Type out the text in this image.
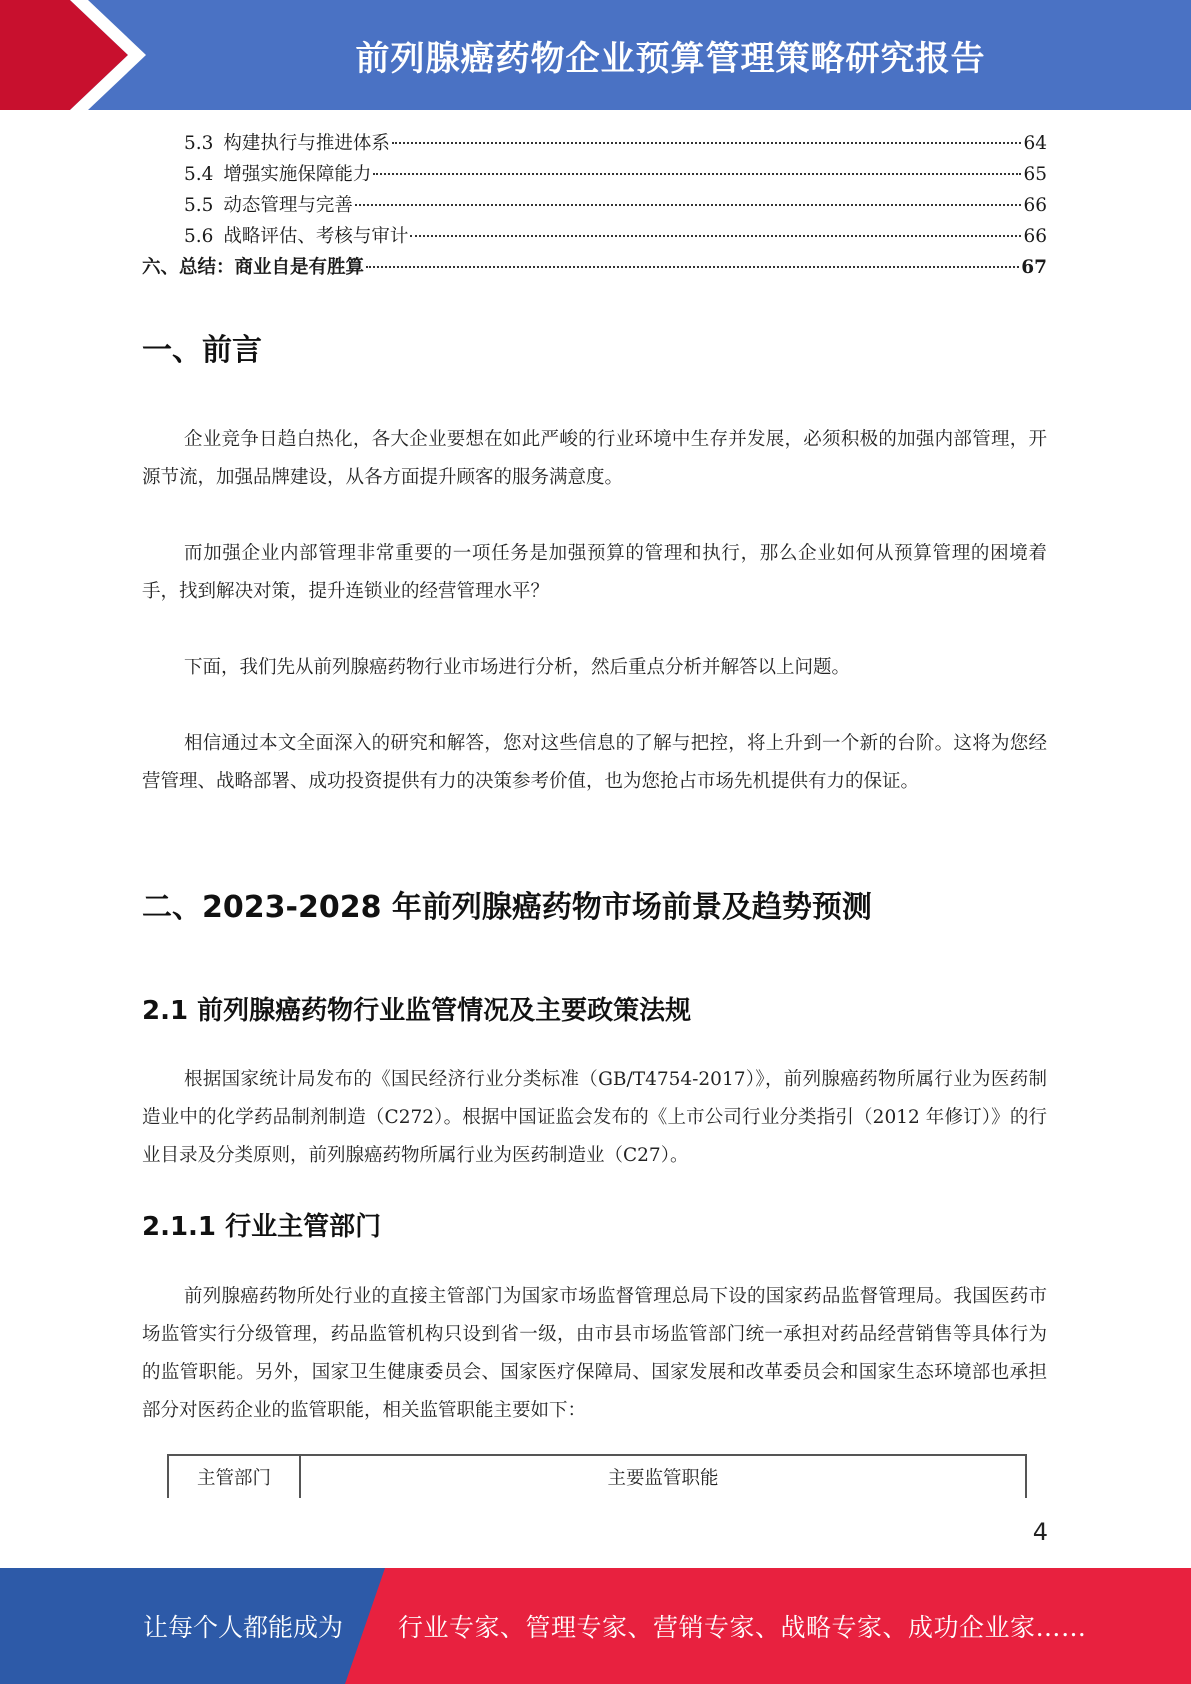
前列腺癌药物企业预算管理策略研究报告
5.3 构建执行与推进体系	64
5.4 增强实施保障能力	65
5.5 动态管理与完善	66
5.6 战略评估、考核与审计	66
六、总结：商业自是有胜算	67
一、前言
企业竞争日趋白热化，各大企业要想在如此严峻的行业环境中生存并发展，必须积极的加强内部管理，开源节流，加强品牌建设，从各方面提升顾客的服务满意度。
而加强企业内部管理非常重要的一项任务是加强预算的管理和执行，那么企业如何从预算管理的困境着手，找到解决对策，提升连锁业的经营管理水平？
下面，我们先从前列腺癌药物行业市场进行分析，然后重点分析并解答以上问题。
相信通过本文全面深入的研究和解答，您对这些信息的了解与把控，将上升到一个新的台阶。这将为您经营管理、战略部署、成功投资提供有力的决策参考价值，也为您抢占市场先机提供有力的保证。
二、2023-2028 年前列腺癌药物市场前景及趋势预测
2.1 前列腺癌药物行业监管情况及主要政策法规
根据国家统计局发布的《国民经济行业分类标准（GB/T4754-2017）》，前列腺癌药物所属行业为医药制造业中的化学药品制剂制造（C272）。根据中国证监会发布的《上市公司行业分类指引（2012 年修订）》的行业目录及分类原则，前列腺癌药物所属行业为医药制造业（C27）。
2.1.1 行业主管部门
前列腺癌药物所处行业的直接主管部门为国家市场监督管理总局下设的国家药品监督管理局。我国医药市场监管实行分级管理，药品监管机构只设到省一级，由市县市场监管部门统一承担对药品经营销售等具体行为的监管职能。另外，国家卫生健康委员会、国家医疗保障局、国家发展和改革委员会和国家生态环境部也承担部分对医药企业的监管职能，相关监管职能主要如下：
主管部门	主要监管职能
4
让每个人都能成为 行业专家、管理专家、营销专家、战略专家、成功企业家……
